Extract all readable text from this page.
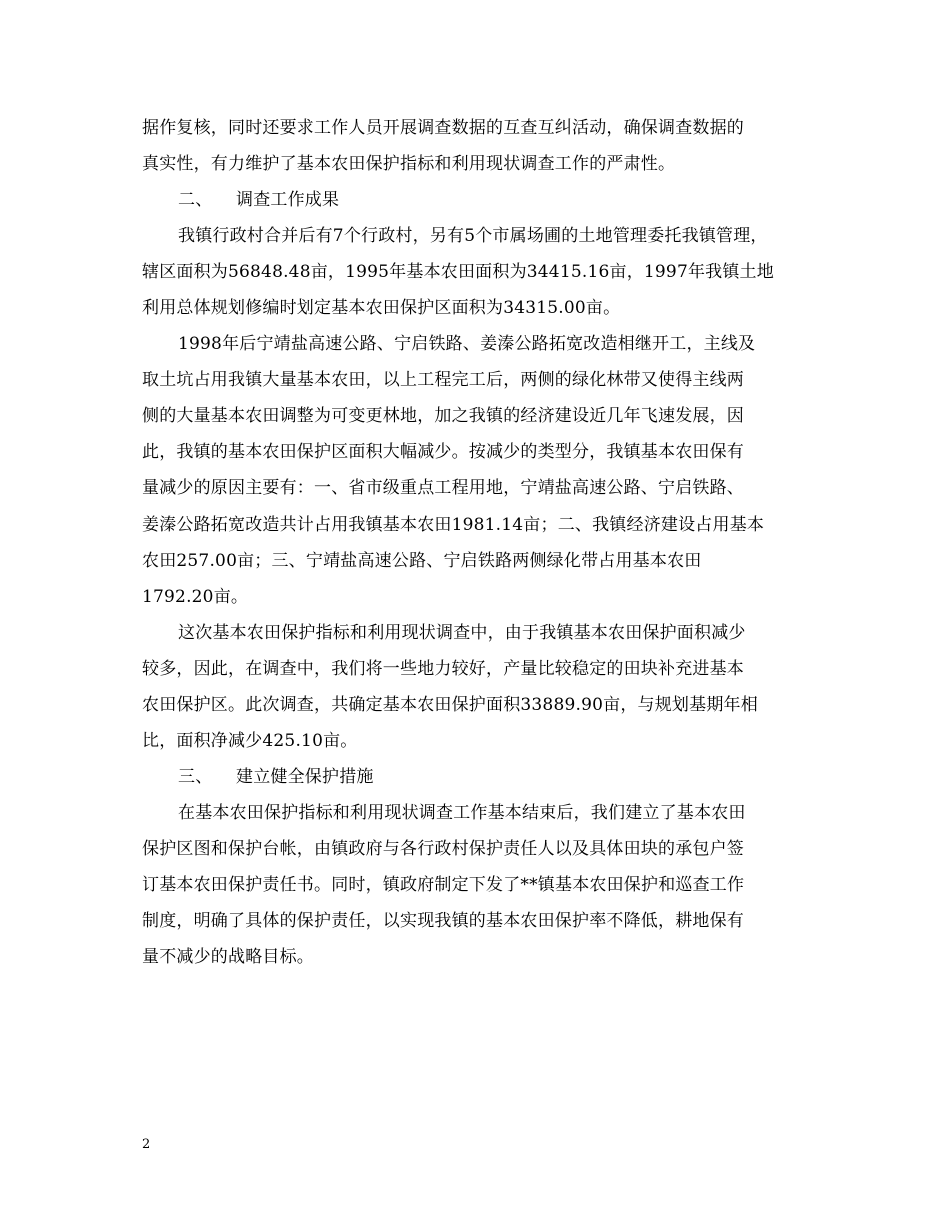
据作复核，同时还要求工作人员开展调查数据的互查互纠活动，确保调查数据的
真实性，有力维护了基本农田保护指标和利用现状调查工作的严肃性。
二、 调查工作成果
我镇行政村合并后有7个行政村，另有5个市属场圃的土地管理委托我镇管理，
辖区面积为56848.48亩，1995年基本农田面积为34415.16亩，1997年我镇土地
利用总体规划修编时划定基本农田保护区面积为34315.00亩。
1998年后宁靖盐高速公路、宁启铁路、姜溱公路拓宽改造相继开工，主线及
取土坑占用我镇大量基本农田，以上工程完工后，两侧的绿化林带又使得主线两
侧的大量基本农田调整为可变更林地，加之我镇的经济建设近几年飞速发展，因
此，我镇的基本农田保护区面积大幅减少。按减少的类型分，我镇基本农田保有
量减少的原因主要有：一、省市级重点工程用地，宁靖盐高速公路、宁启铁路、
姜溱公路拓宽改造共计占用我镇基本农田1981.14亩；二、我镇经济建设占用基本
农田257.00亩；三、宁靖盐高速公路、宁启铁路两侧绿化带占用基本农田
1792.20亩。
这次基本农田保护指标和利用现状调查中，由于我镇基本农田保护面积减少
较多，因此，在调查中，我们将一些地力较好，产量比较稳定的田块补充进基本
农田保护区。此次调查，共确定基本农田保护面积33889.90亩，与规划基期年相
比，面积净减少425.10亩。
三、 建立健全保护措施
在基本农田保护指标和利用现状调查工作基本结束后，我们建立了基本农田
保护区图和保护台帐，由镇政府与各行政村保护责任人以及具体田块的承包户签
订基本农田保护责任书。同时，镇政府制定下发了**镇基本农田保护和巡查工作
制度，明确了具体的保护责任，以实现我镇的基本农田保护率不降低，耕地保有
量不减少的战略目标。
2
